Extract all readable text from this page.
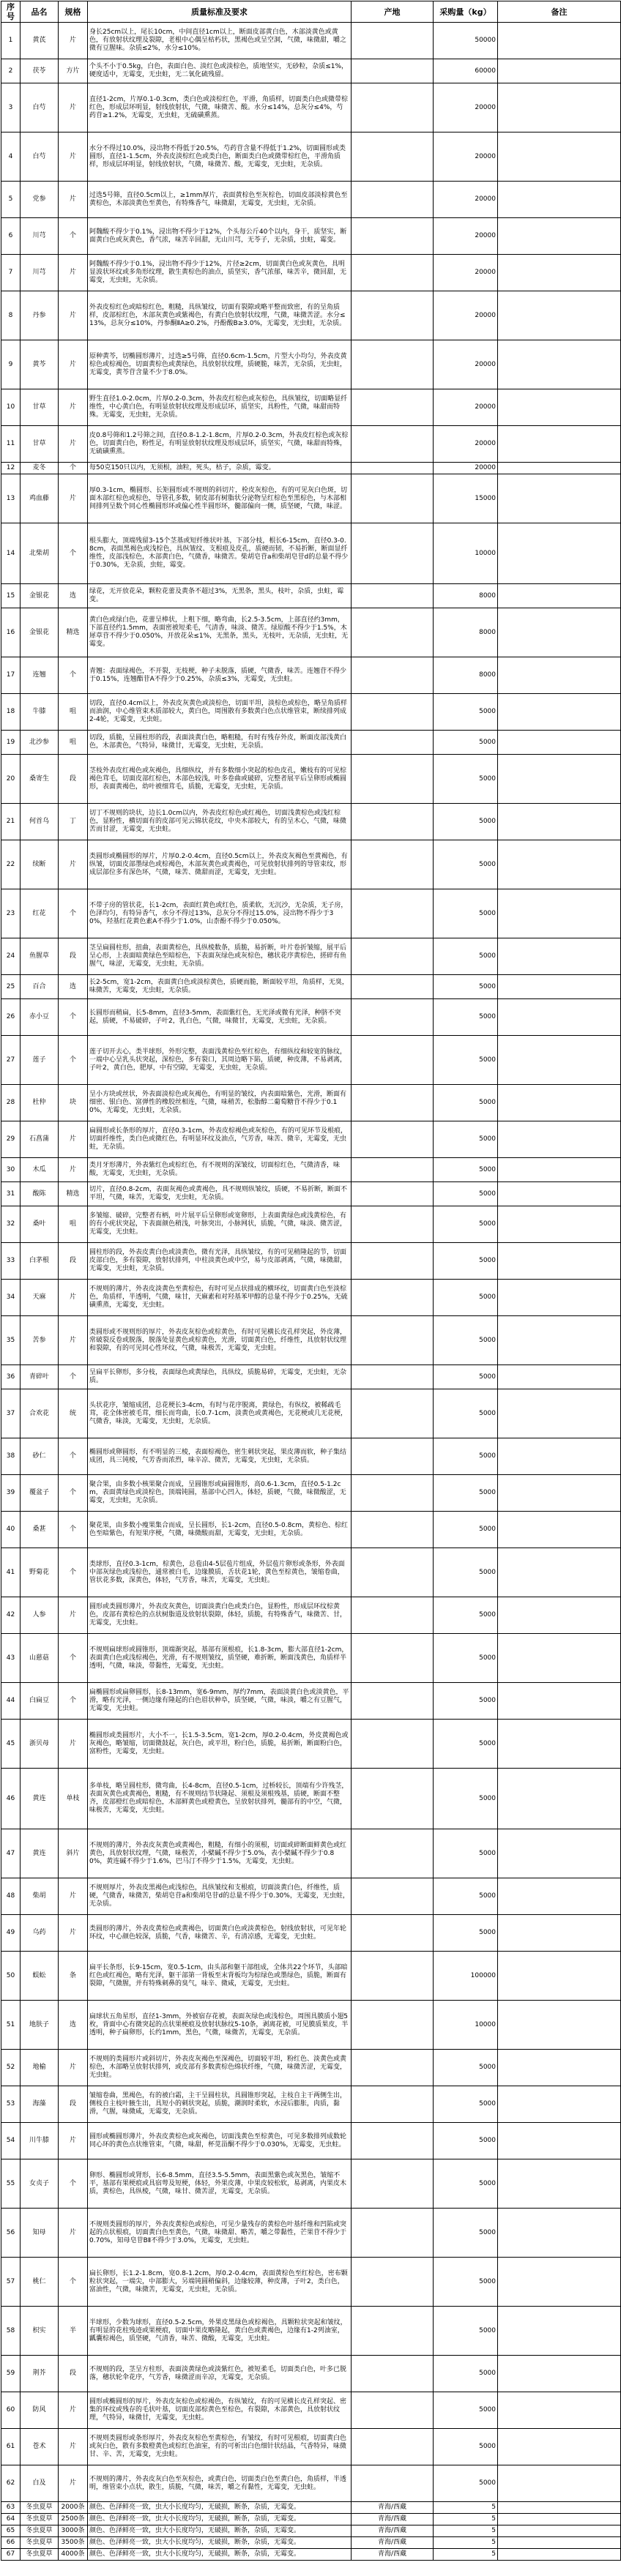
序号	品名	规格	质量标准及要求	产地	采购量（kg）	备注
1	黄芪	片	身长25cm以上，尾长10cm，中间直径1cm以上，断面皮部黄白色，木部淡黄色或黄色，有放射状纹理及裂隙，老根中心偶呈枯朽状，黑褐色或呈空洞，气微，味微甜，嚼之微有豆腥味。杂质≤2%，水分≤10%。		50000	
2	茯苓	方片	个头不小于0.5kg，白色，表面白色、淡红色或淡棕色，质地坚实，无砂粒，杂质≤1%，硬度适中，无霉变，无虫蛀，无二氧化硫残留。		60000	
3	白芍	片	直径1-2cm，片厚0.1-0.3cm，类白色或淡棕红色，平滑，角质样，切面类白色或微带棕红色，形成层环明显，射线放射状，气微，味微苦、酸。水分≤14%，总灰分≤4%，芍药苷≥1.2%，无霉变，无虫蛀，无硫磺熏蒸。		20000	
4	白芍	片	水分不得过10.0%，浸出物不得低于20.5%，芍药苷含量不得低于1.2%，切面圆形或类圆形，直径1-1.5cm，外表皮淡棕红色或类白色，断面类白色或微带棕红色，平滑角质样，形成层环明显，射线放射状，气微，味微苦、酸，无霉变，无虫蛀，无杂质。		20000	
5	党参	片	过选5号筛，直径0.5cm以上，≥1mm厚片，表面黄棕色至灰棕色，切面皮部淡棕黄色至黄棕色，木部淡黄色至黄色，有特殊香气，味微甜，无霉变，无虫蛀，无杂质。		20000	
6	川芎	个	阿魏酸不得少于0.1%，浸出物不得少于12%，个头每公斤40个以内，身干，质坚实，断面黄白色或灰黄色，香气浓，味苦辛回甜，无山川芎，无苓子，无杂质，虫蛀，霉变。		20000	
7	川芎	片	阿魏酸不得少于0.1%，浸出物不得少于12%，片径≥2cm，切面黄白色或灰黄色，具明显波状环纹或多角形纹理，散生黄棕色的油点，质坚实，香气浓郁，味苦辛，微回甜，无霉变，无虫蛀，无杂质。		20000	
8	丹参	片	外表皮棕红色或暗棕红色，粗糙，具纵皱纹，切面有裂隙或略平整而致密，有的呈角质样，皮部棕红色，木部灰黄色或紫褐色，有黄白色放射状纹理，气微，味微苦涩。水分≤13%，总灰分≤10%，丹参酮ⅡA≥0.2%，丹酚酸B≥3.0%，无霉变，无虫蛀，无杂质。		20000	
9	黄芩	片	原种黄芩，切椭圆形薄片，过选≥5号筛，直径0.6cm-1.5cm，片型大小均匀，外表皮黄棕色或棕褐色，切面黄棕色或黄绿色，具放射状纹理，质硬脆，味苦，无杂质，无虫蛀，无霉变，黄芩苷含量不少于8.0%。		20000	
10	甘草	片	野生直径1.0-2.0cm，片厚0.2-0.3cm，外表皮红棕色或灰棕色，具纵皱纹，切面略显纤维性，中心黄白色，有明显放射状纹理及形成层环，质坚实，具粉性，气微，味甜而特殊。无霉变，无虫蛀，无杂质。		20000	
11	甘草	片	皮0.8号筛和1.2号筛之间，直径0.8-1.2-1.8cm，片厚0.2-0.3cm，外表皮红棕色或灰棕色，切面黄白色，粉性足，有明显放射状纹理及形成层环，质坚实，气微，味甜而特殊，无硫磺熏蒸。		20000	
12	麦冬	个	每50克150只以内，无须根，油粒，死头，枯子，杂质，霉变。		20000	
13	鸡血藤	片	厚0.3-1cm，椭圆形、长矩圆形或不规则的斜切片，栓皮灰棕色，有的可见灰白色斑，切面木部红棕色或棕色，导管孔多数，韧皮部有树脂状分泌物呈红棕色至黑棕色，与木部相间排列呈数个同心性椭圆形环或偏心性半圆形环，髓部偏向一侧，质坚硬，气微，味涩。		15000	
14	北柴胡	个	根头膨大，顶端残留3-15个茎基或短纤维状叶基，下部分枝，根长6-15cm，直径0.3-0.8cm，表面黑褐色或浅棕色，具纵皱纹、支根痕及皮孔，质硬而韧，不易折断，断面显纤维性，皮部浅棕色，木部黄白色，气微香，味微苦。柴胡皂苷a和柴胡皂苷d的总量不得少于0.30%，无杂质，虫蛀，霉变。		10000	
15	金银花	选	绿花，无开放花朵，颗粒花蕾及黄条不超过3%，无黑条，黑头，枝叶，杂质，虫蛀，霉变。		8000	
16	金银花	精选	黄白色或绿白色，花蕾呈棒状，上粗下细，略弯曲，长2.5-3.5cm，上部直径约3mm，下部直径约1.5mm，表面密被短柔毛，气清香，味淡、微苦。绿原酸不得少于1.5%，木犀草苷不得少于0.050%，开放花朵≤1%，无黑条，黑头，无枝叶，无杂质，无虫蛀，无霉变。		8000	
17	连翘	个	青翘：表面绿褐色，不开裂，无枝梗，种子未脱落，质硬，气微香，味苦。连翘苷不得少于0.15%，连翘酯苷A不得少于0.25%，杂质≤3%，无霉变，无虫蛀。		8000	
18	牛膝	咀	切段，直径0.4cm以上，外表皮灰黄色或淡棕色，切面平坦，淡棕色或棕色，略呈角质样而油润，中心维管束木质部较大，黄白色，周围散有多数黄白色点状维管束，断续排列成2-4轮，无霉变，无虫蛀。		5000	
19	北沙参	咀	切段，质脆，呈圆柱形的段，表面淡黄白色，略粗糙，有时有残存外皮，断面皮部浅黄白色，木部黄色，气特异，味微甘，无霉变，无虫蛀，无杂质。		5000	
20	桑寄生	段	茎枝外表皮红褐色或灰褐色，具细纵纹，并有多数细小突起的棕色皮孔，嫩枝有的可见棕褐色茸毛，切面皮部红棕色，木部色较浅，叶多卷曲或破碎，完整者展平后呈卵形或椭圆形，表面黄褐色，幼叶被细茸毛，质脆，无霉变，无虫蛀，无杂质。		5000	
21	何首乌	丁	切丁不规则的块状，边长1.0cm以内，外表皮红棕色或红褐色，切面浅黄棕色或浅红棕色，显粉性，横切面有的皮部可见云锦状花纹，中央木部较大，有的呈木心，气微，味微苦而甘涩，无霉变，无虫蛀。		5000	
22	续断	片	类圆形或椭圆形的厚片，片厚0.2-0.4cm，直径0.5cm以上，外表皮灰褐色至黄褐色，有纵皱，切面皮部墨绿色或棕褐色，木部灰黄色或黄褐色，可见放射状排列的导管束纹，形成层部位多有深色环，气微，味苦、微甜而涩，无霉变，无虫蛀。		5000	
23	红花	个	不带子房的管状花，长1-2cm，表面红黄色或红色，质柔软，无沉沙，无杂质，无子房，色泽均匀，有特异香气，水分不得过13%，总灰分不得过15.0%，浸出物不得少于30%，羟基红花黄色素A不得少于1.0%，山柰酚不得少于0.050%。		5000	
24	鱼腥草	段	茎呈扁圆柱形，扭曲，表面黄棕色，具纵棱数条，质脆，易折断，叶片卷折皱缩，展平后呈心形，上表面暗黄绿色至暗棕色，下表面灰绿色或灰棕色，穗状花序黄棕色，搓碎有鱼腥气，味涩，无霉变，无虫蛀，无杂质。		5000	
25	百合	选	长2-5cm，宽1-2cm，表面黄白色或淡棕黄色，质硬而脆，断面较平坦，角质样，无臭，味微苦，无霉变，无虫蛀，无杂质。		5000	
26	赤小豆	个	长圆形而稍扁，长5-8mm，直径3-5mm，表面紫红色，无光泽或微有光泽，种脐不突起，质硬，不易破碎，子叶2，乳白色，气微，味微甘，无霉变，无虫蛀，无杂质。		5000	
27	莲子	个	莲子切开去心，类半球形，外形完整，表面浅黄棕色至红棕色，有细纵纹和较宽的脉纹，一端中心呈乳头状突起，深棕色，多有裂口，其周边略下陷，质硬，种皮薄，不易剥离，子叶2，黄白色，肥厚，中有空隙，无霉变，无虫蛀，无杂质。		5000	
28	杜仲	块	呈小方块或丝状，外表面淡棕色或灰褐色，有明显的皱纹，内表面暗紫色，光滑，断面有细密、银白色、富弹性的橡胶丝相连，气微，味稍苦，松脂醇二葡萄糖苷不得少于0.10%，无霉变，无虫蛀，无杂质。		5000	
29	石菖蒲	片	扁圆形或长条形的厚片，直径0.3-1cm，外表皮棕褐色或灰棕色，有的可见环节及根痕，切面纤维性，类白色或微红色，有明显环纹及油点，气芳香，味苦、微辛，无霉变，无虫蛀，无杂质。		5000	
30	木瓜	片	类月牙形薄片，外表紫红色或棕红色，有不规则的深皱纹，切面棕红色，气微清香，味酸，无霉变，无虫蛀，无杂质。		5000	
31	酸陈	精选	切片，直径0.8-2cm，表面灰褐色或黄褐色，具不规则纵皱纹，质硬，不易折断，断面不平坦，气微，味苦，无霉变，无虫蛀，无杂质。		5000	
32	桑叶	咀	多皱缩、破碎，完整者有柄，叶片展平后呈卵形或宽卵形，上表面黄绿色或浅黄棕色，有的有小疣状突起，下表面颜色稍浅，叶脉突出，小脉网状，质脆，气微，味淡、微苦涩，无霉变，无虫蛀。		5000	
33	白茅根	段	圆柱形的段，外表皮黄白色或淡黄色，微有光泽，具纵皱纹，有的可见稍隆起的节，切面皮部白色，多有裂隙，放射状排列，中柱淡黄色或中空，易与皮部剥离，气微，味微甜，无霉变，无虫蛀，无杂质。		5000	
34	天麻	片	不规则的薄片，外表皮淡黄色至黄棕色，有时可见点状排成的横环纹，切面黄白色至淡棕色，角质样，半透明，气微，味甘，天麻素和对羟基苯甲醇的总量不得少于0.25%，无硫磺熏蒸，无霉变，无虫蛀。		5000	
35	苦参	片	类圆形或不规则形的厚片，外表皮灰棕色或棕黄色，有时可见横长皮孔样突起，外皮薄，常破裂反卷或脱落，脱落处显黄色或棕黄色，光滑，切面黄白色，纤维性，具放射状纹理和裂隙，有的可见同心性环纹，气微，味极苦，无霉变，无虫蛀。		5000	
36	青碎叶	个	呈扁平长卵形，多分枝，表面绿色或黄绿色，具纵纹，质脆易碎，无霉变，无虫蛀，无杂质。		5000	
37	合欢花	统	头状花序，皱缩成团，总花梗长3-4cm，有时与花序脱离，黄绿色，有纵纹，被稀疏毛茸，花全体密被毛茸，细长而弯曲，长0.7-1cm，淡黄色或黄褐色，无花梗或几无花梗，气微香，味淡，无霉变，无虫蛀，无杂质。		5000	
38	砂仁	个	椭圆形或卵圆形，有不明显的三棱，表面棕褐色，密生刺状突起，果皮薄而软，种子集结成团，具三钝棱，气芳香而浓烈，味辛凉、微苦，无霉变，无虫蛀，无杂质。		5000	
39	覆盆子	个	聚合果，由多数小核果聚合而成，呈圆锥形或扁圆锥形，高0.6-1.3cm，直径0.5-1.2cm，表面黄绿色或淡棕色，顶端钝圆，基部中心凹入，体轻，质硬，气微，味微酸涩，无霉变，无虫蛀，无杂质。		5000	
40	桑葚	个	聚花果，由多数小瘦果集合而成，呈长圆形，长1-2cm，直径0.5-0.8cm，黄棕色、棕红色至暗紫色，有短果序梗，气微，味微酸而甜，无霉变，无虫蛀，无杂质。		5000	
41	野菊花	个	类球形，直径0.3-1cm，棕黄色，总苞由4-5层苞片组成，外层苞片卵形或条形，外表面中部灰绿色或浅棕色，通常被白毛，边缘膜质，舌状花1轮，黄色至棕黄色，皱缩卷曲，管状花多数，深黄色，体轻，气芳香，味苦，无霉变，无虫蛀。		5000	
42	人参	片	圆形或类圆形薄片，外表皮灰黄色，切面淡黄白色或类白色，显粉性，形成层环纹棕黄色，皮部有黄棕色的点状树脂道及放射状裂隙，体轻，质脆，有特殊香气，味微苦、甘，无霉变，无虫蛀。		5000	
43	山慈菇	个	不规则扁球形或圆锥形，顶端渐突起，基部有须根痕，长1.8-3cm，膨大部直径1-2cm，表面黄白色或浅棕褐色，光滑，有不规则皱纹，质坚硬，难折断，断面浅黄色，角质样半透明，气微，味淡，带黏性，无霉变，无虫蛀。		5000	
44	白扁豆	个	扁椭圆形或扁卵圆形，长8-13mm，宽6-9mm，厚约7mm，表面淡黄白色或淡黄色，平滑，略有光泽，一侧边缘有隆起的白色眉状种阜，质坚硬，气微，味淡，嚼之有豆腥气，无霉变，无虫蛀。		5000	
45	浙贝母	片	椭圆形或类圆形片，大小不一，长1.5-3.5cm，宽1-2cm，厚0.2-0.4cm，外皮黄褐色或灰褐色，略皱缩，切面微鼓起，灰白色，或平坦，粉白色，质脆，易折断，断面粉白色，富粉性，无霉变，无虫蛀。		5000	
46	黄连	单枝	多单枝，略呈圆柱形，微弯曲，长4-8cm，直径0.5-1cm，过桥较长，顶端有少许残茎，表面灰黄色或黄褐色，粗糙，有不规则结节状隆起、须根及须根残基，质硬，断面不整齐，皮部橙红色或暗棕色，木部鲜黄色或橙黄色，呈放射状排列，髓部有的中空，气微，味极苦，无霉变，无虫蛀。		5000	
47	黄连	斜片	不规则的薄片，外表皮灰黄色或黄褐色，粗糙，有细小的须根，切面或碎断面鲜黄色或红黄色，具放射状纹理，气微，味极苦，小檗碱不得少于5.0%，表小檗碱不得少于0.80%，黄连碱不得少于1.6%，巴马汀不得少于1.5%，无霉变，无虫蛀。		5000	
48	柴胡	片	不规则厚片，外表皮黑褐色或浅棕色，具纵皱纹和支根痕，切面淡黄白色，纤维性，质硬，气微香，味微苦，柴胡皂苷a和柴胡皂苷d的总量不得少于0.30%，无霉变，无虫蛀，无杂质。		5000	
49	乌药	片	类圆形的薄片，外表皮黄棕色或黄褐色，切面黄白色或淡黄棕色，射线放射状，可见年轮环纹，中心颜色较深，质脆，气香，味微苦、辛，有清凉感，无霉变，无虫蛀。		5000	
50	蜈蚣	条	扁平长条形，长9-15cm，宽0.5-1cm，由头部和躯干部组成，全体共22个环节，头部暗红色或红褐色，略有光泽，躯干部第一背板至末背板均为棕绿色或墨绿色，质脆，断面有裂隙，气微腥，并有特殊刺鼻的臭气，味辛、微咸，无霉变，无虫蛀。		100000	
51	地肤子	选	扁球状五角星形，直径1-3mm，外被宿存花被，表面灰绿色或浅棕色，周围具膜质小翅5枚，背面中心有微突起的点状果梗痕及放射状脉纹5-10条，剥离花被，可见膜质果皮，半透明，种子扁卵形，长约1mm，黑色，气微，味微苦，无霉变，无杂质。		10000	
52	地榆	片	不规则的类圆形片或斜切片，外表皮灰褐色至深褐色，切面较平坦，粉红色、淡黄色或黄棕色，木部略呈放射状排列，或皮部有多数黄棕色绵状纤维，气微，味微苦涩，无霉变，无虫蛀。		5000	
53	海藻	段	皱缩卷曲，黑褐色，有的被白霜，主干呈圆柱状，具圆锥形突起，主枝自主干两侧生出，侧枝自主枝叶腋生出，具短小的刺状突起，质脆，潮润时柔软，水浸后膨胀，肉质，黏滑，气腥，味微咸，无霉变，无杂质。		5000	
54	川牛膝	片	圆形或椭圆形薄片，外表皮黄棕色或灰褐色，切面浅黄色至棕黄色，可见多数排列成数轮同心环的黄色点状维管束，气微，味甜，杯苋甾酮不得少于0.030%，无霉变，无虫蛀。		5000	
55	女贞子	个	卵形、椭圆形或肾形，长6-8.5mm，直径3.5-5.5mm，表面黑紫色或灰黑色，皱缩不平，基部有果梗痕或具宿萼及短梗，体轻，外果皮薄，中果皮较松软，易剥离，内果皮木质，黄棕色，具纵棱，气微，味甘、微苦涩，无霉变，无杂质。		5000	
56	知母	片	不规则类圆形的厚片，外表皮黄棕色或棕色，可见少量残存的黄棕色叶基纤维和凹陷或突起的点状根痕，切面黄白色至黄色，气微，味微甜、略苦，嚼之带黏性，芒果苷不得少于0.70%，知母皂苷BⅡ不得少于3.0%，无霉变，无虫蛀。		5000	
57	桃仁	个	扁长卵形，长1.2-1.8cm，宽0.8-1.2cm，厚0.2-0.4cm，表面黄棕色至红棕色，密布颗粒状突起，一端尖，中部膨大，另端钝圆稍偏斜，边缘较薄，种皮薄，子叶2，类白色，富油性，气微，味微苦，无霉变，无虫蛀，无杂质。		5000	
58	枳实	半	半球形，少数为球形，直径0.5-2.5cm，外果皮黑绿色或棕褐色，具颗粒状突起和皱纹，有明显的花柱残迹或果梗痕，切面中果皮略隆起，黄白色或黄褐色，边缘有1-2列油室，瓤囊棕褐色，质坚硬，气清香，味苦、微酸，无霉变，无虫蛀。		5000	
59	荆芥	段	不规则的段，茎呈方柱形，表面淡黄绿色或淡紫红色，被短柔毛，切面类白色，叶多已脱落，穗状轮伞花序，气芳香，味微涩而辛凉，无霉变，无杂质。		5000	
60	防风	片	圆形或椭圆形的厚片，外表皮灰棕色或棕褐色，有纵皱纹，有的可见横长皮孔样突起、密集的环纹或残存的毛状叶基，切面皮部棕黄色至棕色，有裂隙，木部黄色，具放射状纹理，气特异，味微甘，无霉变，无虫蛀。		5000	
61	苍术	片	不规则类圆形或条形厚片，外表皮灰棕色至黄棕色，有皱纹，有时可见根痕，切面黄白色或灰白色，散有多数橙黄色或棕红色油室，有的可析出白色细针状结晶，气香特异，味微甘、辛、苦，无霉变，无虫蛀。		5000	
62	白及	片	不规则的薄片，外表皮灰白色至灰棕色，或黄白色，切面类白色至黄白色，角质样，半透明，维管束小点状，散生，质脆，气微，味苦，嚼之有黏性，无霉变，无虫蛀。		5000	
63	冬虫夏草	2000条	颜色、色泽鲜亮一致，虫大小长度均匀，无破损，断条，杂质，无霉变。	青海/西藏	5	
64	冬虫夏草	2500条	颜色、色泽鲜亮一致，虫大小长度均匀，无破损，断条，杂质，无霉变。	青海/西藏	5	
65	冬虫夏草	3000条	颜色、色泽鲜亮一致，虫大小长度均匀，无破损，断条，杂质，无霉变。	青海/西藏	5	
66	冬虫夏草	3500条	颜色、色泽鲜亮一致，虫大小长度均匀，无破损，断条，杂质，无霉变。	青海/西藏	5	
67	冬虫夏草	4000条	颜色、色泽鲜亮一致，虫大小长度均匀，无破损，断条，杂质，无霉变。	青海/西藏	5	
